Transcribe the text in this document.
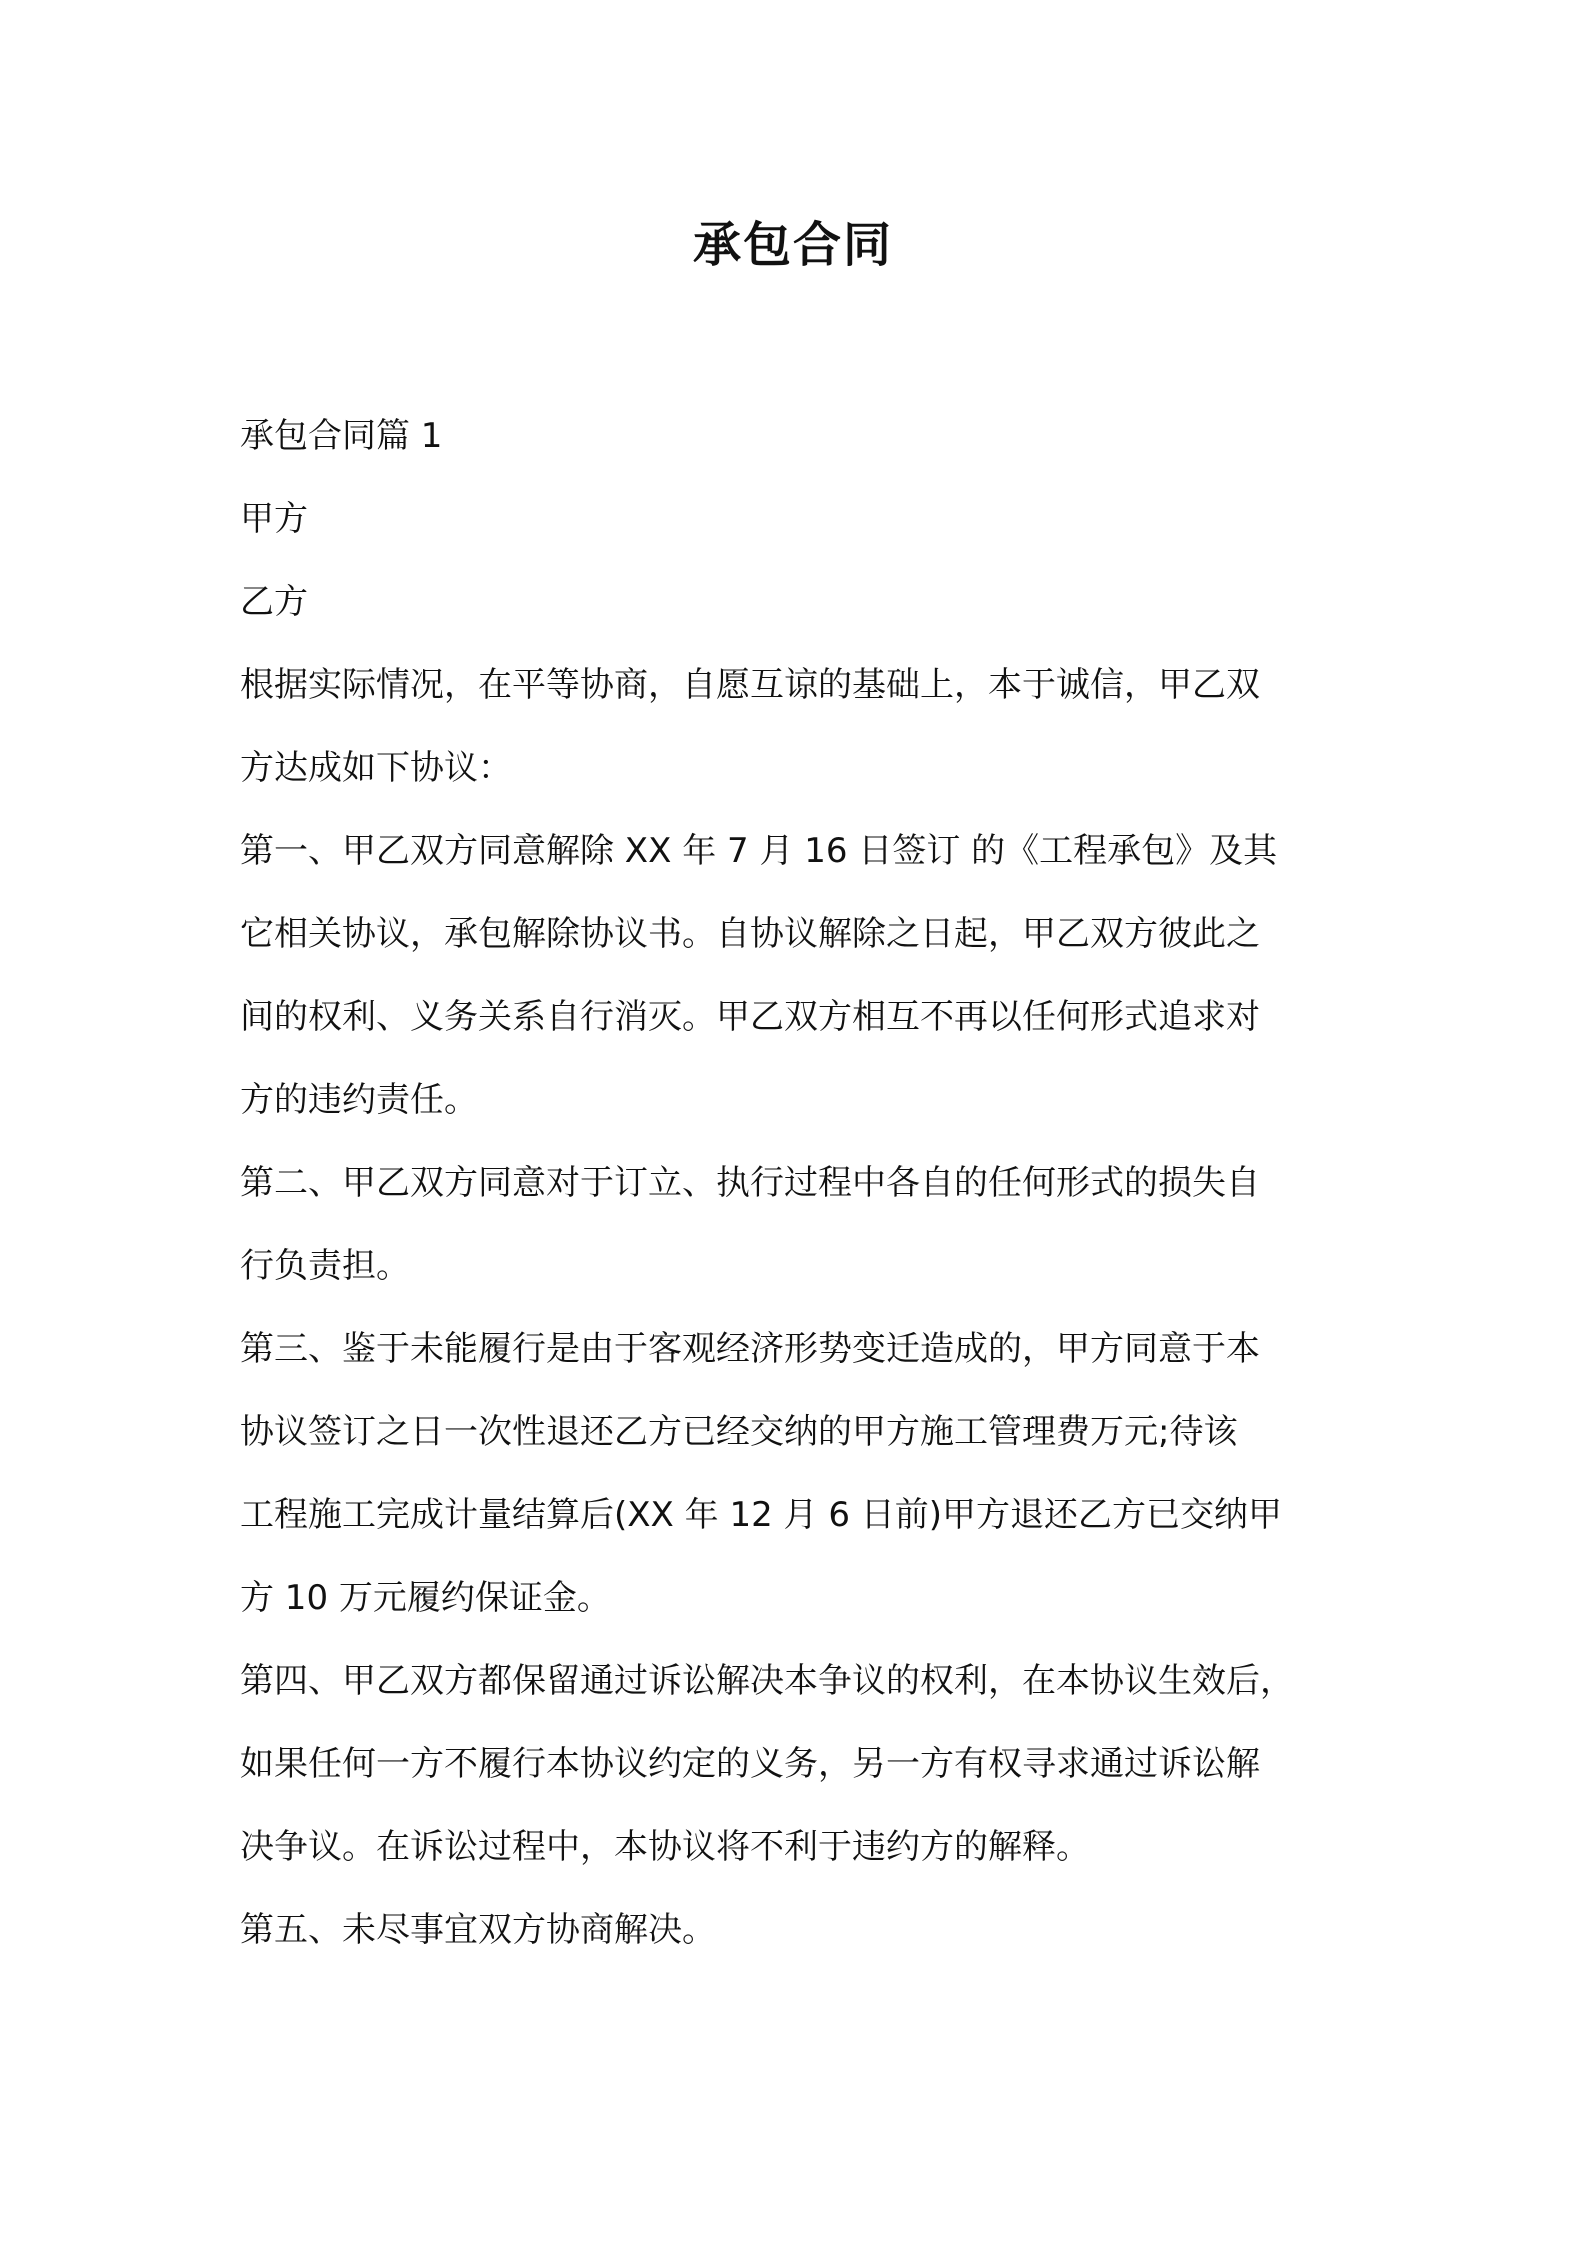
承包合同
承包合同篇 1
甲方
乙方
根据实际情况，在平等协商，自愿互谅的基础上，本于诚信，甲乙双
方达成如下协议：
第一、甲乙双方同意解除 XX 年 7 月 16 日签订 的《工程承包》及其
它相关协议，承包解除协议书。自协议解除之日起，甲乙双方彼此之
间的权利、义务关系自行消灭。甲乙双方相互不再以任何形式追求对
方的违约责任。
第二、甲乙双方同意对于订立、执行过程中各自的任何形式的损失自
行负责担。
第三、鉴于未能履行是由于客观经济形势变迁造成的，甲方同意于本
协议签订之日一次性退还乙方已经交纳的甲方施工管理费万元;待该
工程施工完成计量结算后(XX 年 12 月 6 日前)甲方退还乙方已交纳甲
方 10 万元履约保证金。
第四、甲乙双方都保留通过诉讼解决本争议的权利，在本协议生效后，
如果任何一方不履行本协议约定的义务，另一方有权寻求通过诉讼解
决争议。在诉讼过程中，本协议将不利于违约方的解释。
第五、未尽事宜双方协商解决。
